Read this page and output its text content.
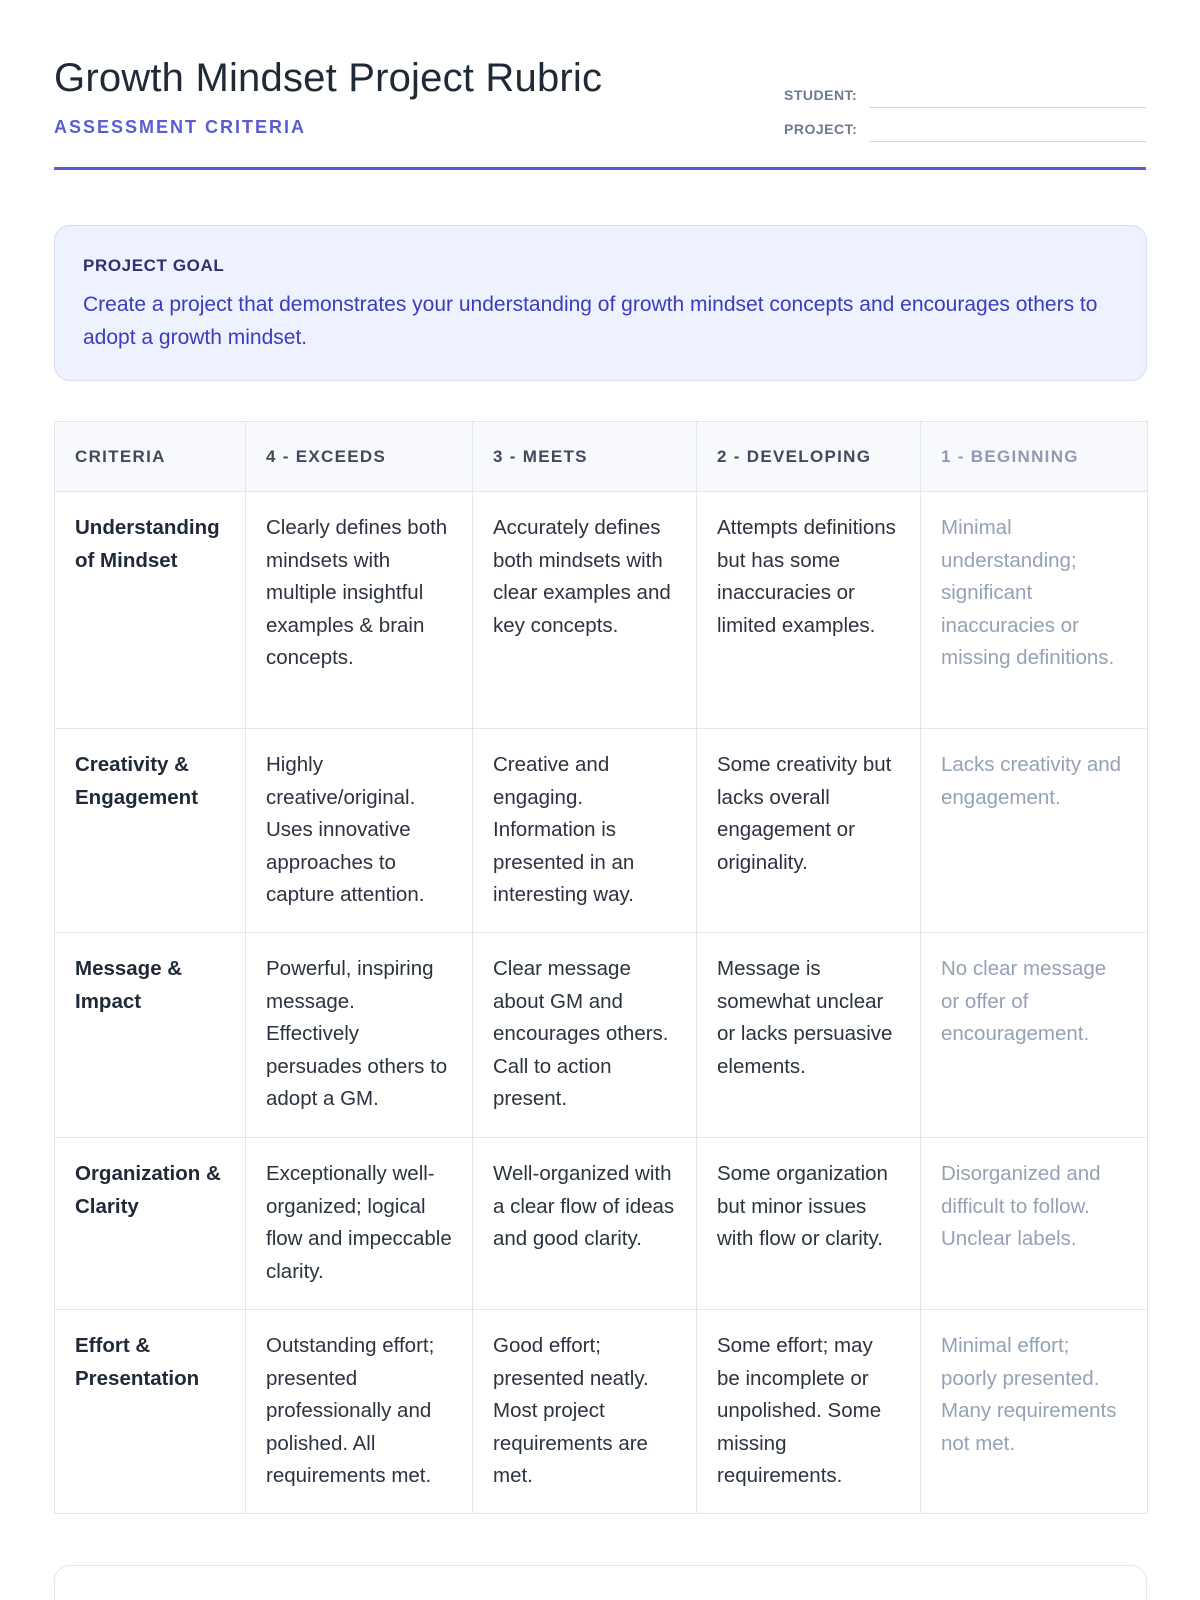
Growth Mindset Project Rubric
ASSESSMENT CRITERIA
STUDENT:
PROJECT:
PROJECT GOAL
Create a project that demonstrates your understanding of growth mindset concepts and encourages others to adopt a growth mindset.
CRITERIA	4 - EXCEEDS	3 - MEETS	2 - DEVELOPING	1 - BEGINNING
Understanding of Mindset	Clearly defines both mindsets with multiple insightful examples & brain concepts.	Accurately defines both mindsets with clear examples and key concepts.	Attempts definitions but has some inaccuracies or limited examples.	Minimal understanding; significant inaccuracies or missing definitions.
Creativity & Engagement	Highly creative/original. Uses innovative approaches to capture attention.	Creative and engaging. Information is presented in an interesting way.	Some creativity but lacks overall engagement or originality.	Lacks creativity and engagement.
Message & Impact	Powerful, inspiring message. Effectively persuades others to adopt a GM.	Clear message about GM and encourages others. Call to action present.	Message is somewhat unclear or lacks persuasive elements.	No clear message or offer of encouragement.
Organization & Clarity	Exceptionally well-organized; logical flow and impeccable clarity.	Well-organized with a clear flow of ideas and good clarity.	Some organization but minor issues with flow or clarity.	Disorganized and difficult to follow. Unclear labels.
Effort & Presentation	Outstanding effort; presented professionally and polished. All requirements met.	Good effort; presented neatly. Most project requirements are met.	Some effort; may be incomplete or unpolished. Some missing requirements.	Minimal effort; poorly presented. Many requirements not met.
